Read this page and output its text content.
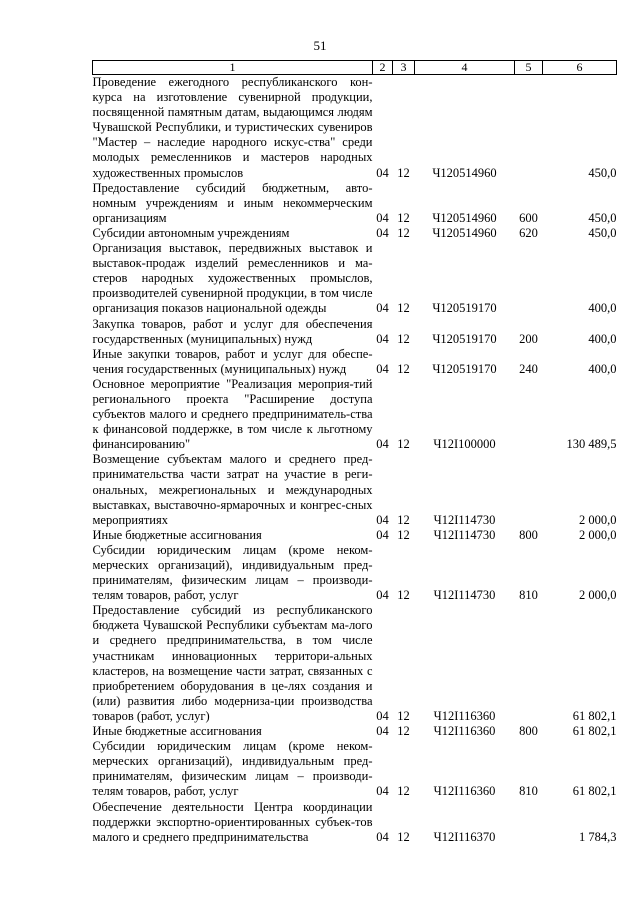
51
1	2	3	4	5	6
Проведение ежегодного республиканского кон-курса на изготовление сувенирной продукции, посвященной памятным датам, выдающимся людям Чувашской Республики, и туристических сувениров "Мастер – наследие народного искус-ства" среди молодых ремесленников и мастеров народных художественных промыслов	04	12	Ч120514960		450,0
Предоставление субсидий бюджетным, авто-номным учреждениям и иным некоммерческим организациям	04	12	Ч120514960	600	450,0
Субсидии автономным учреждениям	04	12	Ч120514960	620	450,0
Организация выставок, передвижных выставок и выставок-продаж изделий ремесленников и ма-стеров народных художественных промыслов, производителей сувенирной продукции, в том числе организация показов национальной одежды	04	12	Ч120519170		400,0
Закупка товаров, работ и услуг для обеспечения государственных (муниципальных) нужд	04	12	Ч120519170	200	400,0
Иные закупки товаров, работ и услуг для обеспе-чения государственных (муниципальных) нужд	04	12	Ч120519170	240	400,0
Основное мероприятие "Реализация мероприя-тий регионального проекта "Расширение доступа субъектов малого и среднего предприниматель-ства к финансовой поддержке, в том числе к льготному финансированию"	04	12	Ч12I100000		130 489,5
Возмещение субъектам малого и среднего пред-принимательства части затрат на участие в реги-ональных, межрегиональных и международных выставках, выставочно-ярмарочных и конгрес-сных мероприятиях	04	12	Ч12I114730		2 000,0
Иные бюджетные ассигнования	04	12	Ч12I114730	800	2 000,0
Субсидии юридическим лицам (кроме неком-мерческих организаций), индивидуальным пред-принимателям, физическим лицам – производи-телям товаров, работ, услуг	04	12	Ч12I114730	810	2 000,0
Предоставление субсидий из республиканского бюджета Чувашской Республики субъектам ма-лого и среднего предпринимательства, в том числе участникам инновационных территори-альных кластеров, на возмещение части затрат, связанных с приобретением оборудования в це-лях создания и (или) развития либо модерниза-ции производства товаров (работ, услуг)	04	12	Ч12I116360		61 802,1
Иные бюджетные ассигнования	04	12	Ч12I116360	800	61 802,1
Субсидии юридическим лицам (кроме неком-мерческих организаций), индивидуальным пред-принимателям, физическим лицам – производи-телям товаров, работ, услуг	04	12	Ч12I116360	810	61 802,1
Обеспечение деятельности Центра координации поддержки экспортно-ориентированных субъек-тов малого и среднего предпринимательства	04	12	Ч12I116370		1 784,3
